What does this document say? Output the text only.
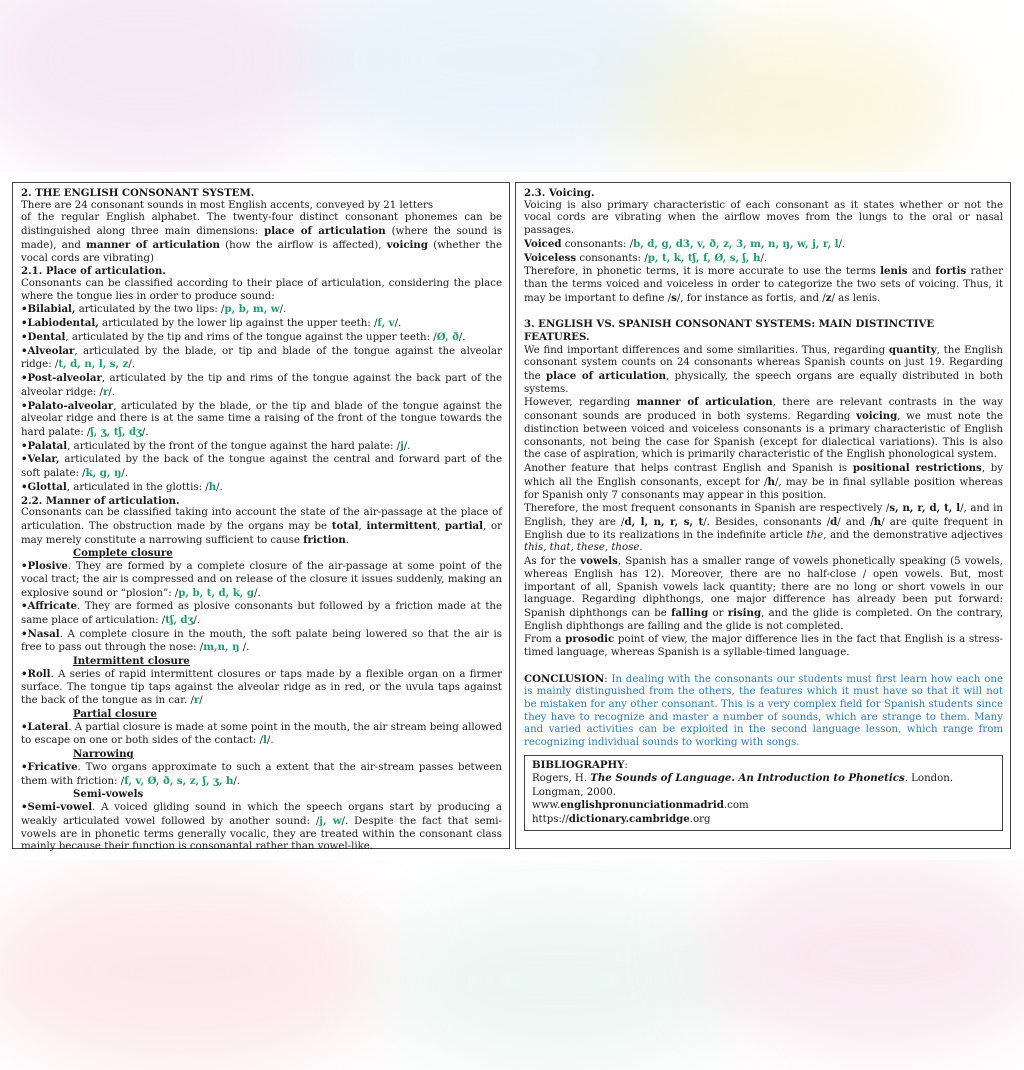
2. THE ENGLISH CONSONANT SYSTEM.
There are 24 consonant sounds in most English accents, conveyed by 21 letters
of the regular English alphabet. The twenty-four distinct consonant phonemes can be distinguished along three main dimensions: place of articulation (where the sound is made), and manner of articulation (how the airflow is affected), voicing (whether the vocal cords are vibrating)
2.1. Place of articulation.
Consonants can be classified according to their place of articulation, considering the place where the tongue lies in order to produce sound:
•Bilabial, articulated by the two lips: /p, b, m, w/.
•Labiodental, articulated by the lower lip against the upper teeth: /f, v/.
•Dental, articulated by the tip and rims of the tongue against the upper teeth: /Ø, ð/.
•Alveolar, articulated by the blade, or tip and blade of the tongue against the alveolar ridge: /t, d, n, l, s, z/.
•Post-alveolar, articulated by the tip and rims of the tongue against the back part of the alveolar ridge: /r/.
•Palato-alveolar, articulated by the blade, or the tip and blade of the tongue against the alveolar ridge and there is at the same time a raising of the front of the tongue towards the hard palate: /ʃ, ʒ, tʃ, dʒ/.
•Palatal, articulated by the front of the tongue against the hard palate: /j/.
•Velar, articulated by the back of the tongue against the central and forward part of the soft palate: /k, g, ŋ/.
•Glottal, articulated in the glottis: /h/.
2.2. Manner of articulation.
Consonants can be classified taking into account the state of the air-passage at the place of articulation. The obstruction made by the organs may be total, intermittent, partial, or may merely constitute a narrowing sufficient to cause friction.
Complete closure
•Plosive. They are formed by a complete closure of the air-passage at some point of the vocal tract; the air is compressed and on release of the closure it issues suddenly, making an explosive sound or “plosion”: /p, b, t, d, k, g/.
•Affricate. They are formed as plosive consonants but followed by a friction made at the same place of articulation: /tʃ, dʒ/.
•Nasal. A complete closure in the mouth, the soft palate being lowered so that the air is free to pass out through the nose: /m,n, ŋ /.
Intermittent closure
•Roll. A series of rapid intermittent closures or taps made by a flexible organ on a firmer surface. The tongue tip taps against the alveolar ridge as in red, or the uvula taps against the back of the tongue as in car. /r/
Partial closure
•Lateral. A partial closure is made at some point in the mouth, the air stream being allowed to escape on one or both sides of the contact: /l/.
Narrowing
•Fricative. Two organs approximate to such a extent that the air-stream passes between them with friction: /f, v, Ø, ð, s, z, ʃ, ʒ, h/.
Semi-vowels
•Semi-vowel. A voiced gliding sound in which the speech organs start by producing a weakly articulated vowel followed by another sound: /j, w/. Despite the fact that semi-vowels are in phonetic terms generally vocalic, they are treated within the consonant class mainly because their function is consonantal rather than vowel-like.
2.3. Voicing.
Voicing is also primary characteristic of each consonant as it states whether or not the vocal cords are vibrating when the airflow moves from the lungs to the oral or nasal passages.
Voiced consonants: /b, d, g, d3, v, ð, z, 3, m, n, ŋ, w, j, r, l/.
Voiceless consonants: /p, t, k, tʃ, f, Ø, s, ʃ, h/.
Therefore, in phonetic terms, it is more accurate to use the terms lenis and fortis rather than the terms voiced and voiceless in order to categorize the two sets of voicing. Thus, it may be important to define /s/, for instance as fortis, and /z/ as lenis.
3. ENGLISH VS. SPANISH CONSONANT SYSTEMS: MAIN DISTINCTIVE FEATURES.
We find important differences and some similarities. Thus, regarding quantity, the English consonant system counts on 24 consonants whereas Spanish counts on just 19. Regarding the place of articulation, physically, the speech organs are equally distributed in both systems.
However, regarding manner of articulation, there are relevant contrasts in the way consonant sounds are produced in both systems. Regarding voicing, we must note the distinction between voiced and voiceless consonants is a primary characteristic of English consonants, not being the case for Spanish (except for dialectical variations). This is also the case of aspiration, which is primarily characteristic of the English phonological system.
Another feature that helps contrast English and Spanish is positional restrictions, by which all the English consonants, except for /h/, may be in final syllable position whereas for Spanish only 7 consonants may appear in this position.
Therefore, the most frequent consonants in Spanish are respectively /s, n, r, d, t, l/, and in English, they are /d, l, n, r, s, t/. Besides, consonants /d/ and /h/ are quite frequent in English due to its realizations in the indefinite article the, and the demonstrative adjectives this, that, these, those.
As for the vowels, Spanish has a smaller range of vowels phonetically speaking (5 vowels, whereas English has 12). Moreover, there are no half-close / open vowels. But, most important of all, Spanish vowels lack quantity; there are no long or short vowels in our language. Regarding diphthongs, one major difference has already been put forward: Spanish diphthongs can be falling or rising, and the glide is completed. On the contrary, English diphthongs are falling and the glide is not completed.
From a prosodic point of view, the major difference lies in the fact that English is a stress-timed language, whereas Spanish is a syllable-timed language.
CONCLUSION: In dealing with the consonants our students must first learn how each one is mainly distinguished from the others, the features which it must have so that it will not be mistaken for any other consonant. This is a very complex field for Spanish students since they have to recognize and master a number of sounds, which are strange to them. Many and varied activities can be exploited in the second language lesson, which range from recognizing individual sounds to working with songs.
BIBLIOGRAPHY:
Rogers, H. The Sounds of Language. An Introduction to Phonetics. London. Longman, 2000.
www.englishpronunciationmadrid.com
https://dictionary.cambridge.org
